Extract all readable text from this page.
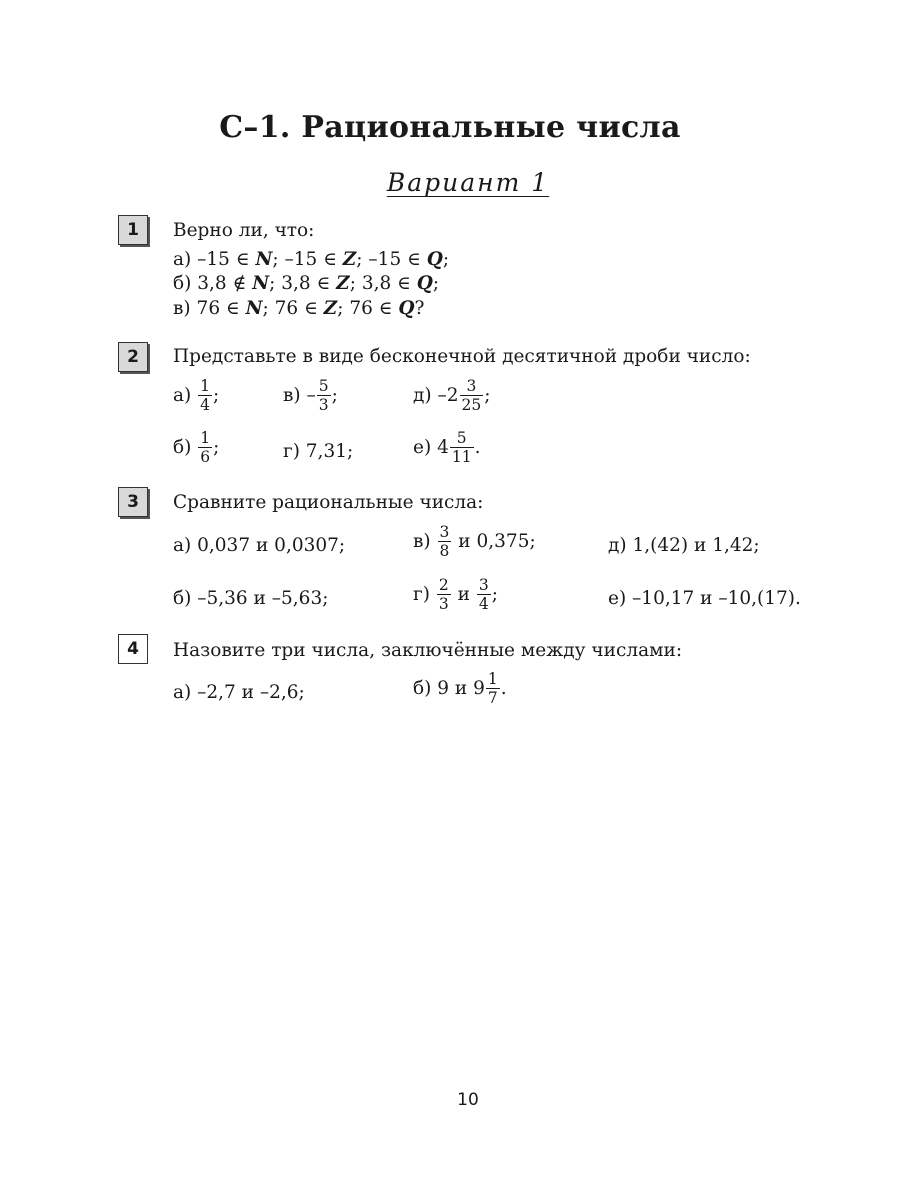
С–1. Рациональные числа
Вариант 1
1	Верно ли, что:
а) –15 ∈ N; –15 ∈ Z; –15 ∈ Q;
б) 3,8 ∉ N; 3,8 ∈ Z; 3,8 ∈ Q;
в) 76 ∈ N; 76 ∈ Z; 76 ∈ Q?
2	Представьте в виде бесконечной десятичной дроби число:
$а) \frac{1}{4}$ ;	$в) - \frac{5}{3}$ ;	д) $-2 \frac{3}{25}$ ;
$б) \frac{1}{6}$ ;	г) 7,31;	е) $4 \frac{5}{11}$ .
3	Сравните рациональные числа:
а) 0,037 и 0,0307;	$в) \frac{3}{8}$ и 0,375;	д) 1,(42) и 1,42;
б) –5,36 и –5,63;	$г) \frac{2}{3}$ и $\frac{3}{4}$ ;	е) –10,17 и –10,(17).
4	Назовите три числа, заключённые между числами:
а) –2,7 и –2,6;	б) 9 и $9 \frac{1}{7}$ .
10
